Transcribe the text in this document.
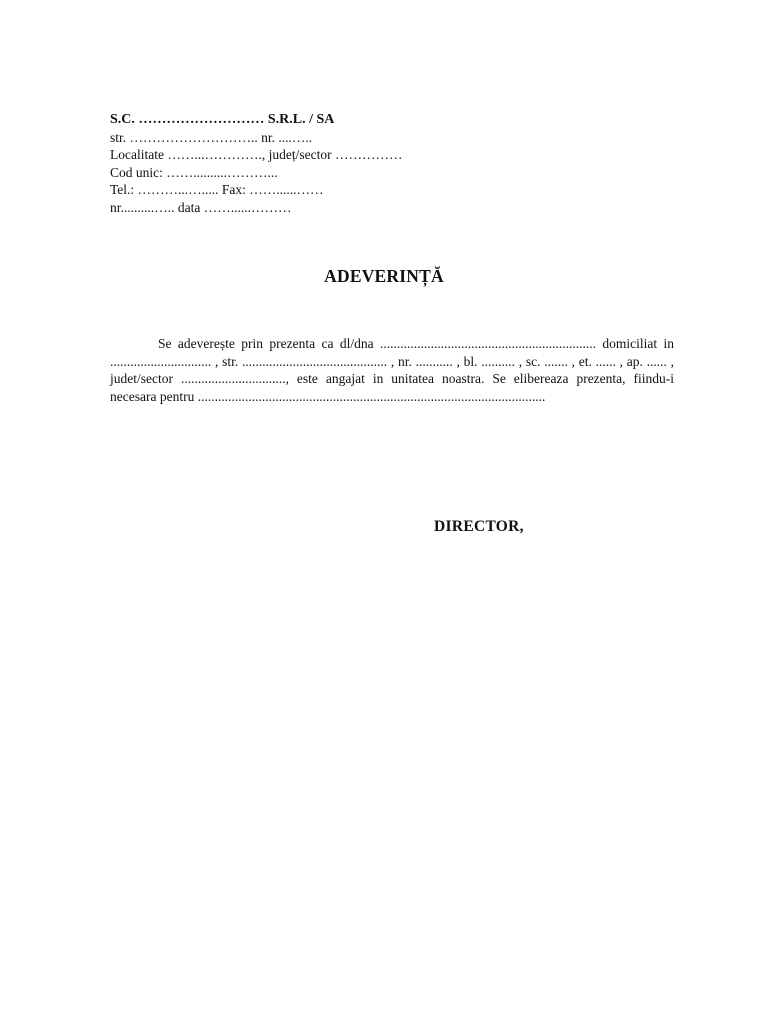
S.C. ……………………… S.R.L. / SA
str. ……………………….. nr. ....…..
Localitate ……...…………., județ/sector ……………
Cod unic: ……..........………...
Tel.: ………...…..... Fax: ……......……
nr..........….. data ……......………
ADEVERINȚĂ
Se adeverește prin prezenta ca dl/dna ................................................................ domiciliat in .............................. , str. ........................................... , nr. ........... , bl. .......... , sc. ....... , et. ...... , ap. ...... , judet/sector ..............................., este angajat in unitatea noastra. Se elibereaza prezenta, fiindu-i necesara pentru .......................................................................................................
DIRECTOR,
